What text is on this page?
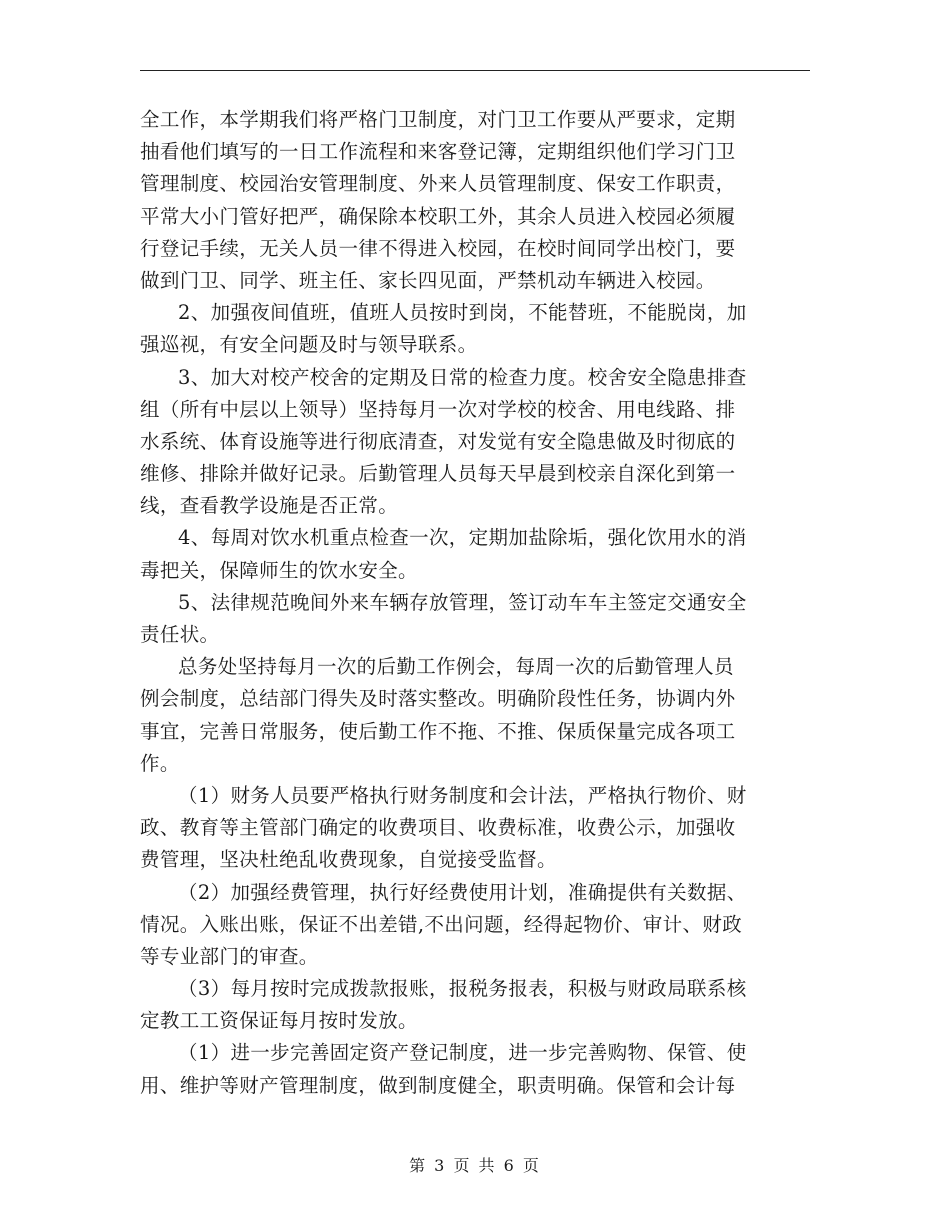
全工作，本学期我们将严格门卫制度，对门卫工作要从严要求，定期
抽看他们填写的一日工作流程和来客登记簿，定期组织他们学习门卫
管理制度、校园治安管理制度、外来人员管理制度、保安工作职责，
平常大小门管好把严，确保除本校职工外，其余人员进入校园必须履
行登记手续，无关人员一律不得进入校园，在校时间同学出校门，要
做到门卫、同学、班主任、家长四见面，严禁机动车辆进入校园。
2、加强夜间值班，值班人员按时到岗，不能替班，不能脱岗，加
强巡视，有安全问题及时与领导联系。
3、加大对校产校舍的定期及日常的检查力度。校舍安全隐患排查
组（所有中层以上领导）坚持每月一次对学校的校舍、用电线路、排
水系统、体育设施等进行彻底清查，对发觉有安全隐患做及时彻底的
维修、排除并做好记录。后勤管理人员每天早晨到校亲自深化到第一
线，查看教学设施是否正常。
4、每周对饮水机重点检查一次，定期加盐除垢，强化饮用水的消
毒把关，保障师生的饮水安全。
5、法律规范晚间外来车辆存放管理，签订动车车主签定交通安全
责任状。
总务处坚持每月一次的后勤工作例会，每周一次的后勤管理人员
例会制度，总结部门得失及时落实整改。明确阶段性任务，协调内外
事宜，完善日常服务，使后勤工作不拖、不推、保质保量完成各项工
作。
（1）财务人员要严格执行财务制度和会计法，严格执行物价、财
政、教育等主管部门确定的收费项目、收费标准，收费公示，加强收
费管理，坚决杜绝乱收费现象，自觉接受监督。
（2）加强经费管理，执行好经费使用计划，准确提供有关数据、
情况。入账出账，保证不出差错,不出问题，经得起物价、审计、财政
等专业部门的审查。
（3）每月按时完成拨款报账，报税务报表，积极与财政局联系核
定教工工资保证每月按时发放。
（1）进一步完善固定资产登记制度，进一步完善购物、保管、使
用、维护等财产管理制度，做到制度健全，职责明确。保管和会计每
第 3 页 共 6 页
